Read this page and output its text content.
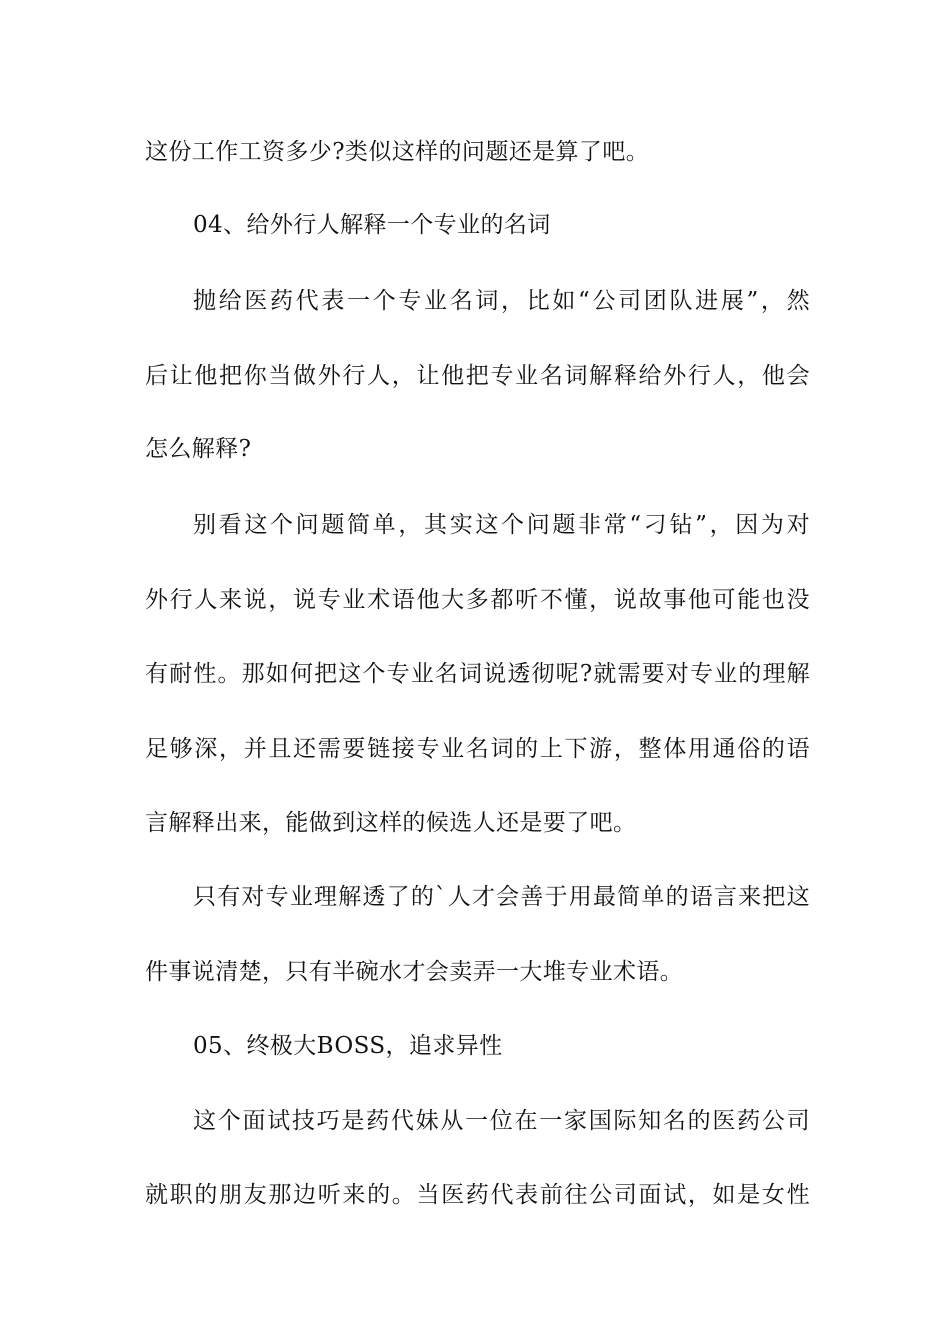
这份工作工资多少?类似这样的问题还是算了吧。
04、给外行人解释一个专业的名词
抛给医药代表一个专业名词，比如“公司团队进展”，然
后让他把你当做外行人，让他把专业名词解释给外行人，他会
怎么解释?
别看这个问题简单，其实这个问题非常“刁钻”，因为对
外行人来说，说专业术语他大多都听不懂，说故事他可能也没
有耐性。那如何把这个专业名词说透彻呢?就需要对专业的理解
足够深，并且还需要链接专业名词的上下游，整体用通俗的语
言解释出来，能做到这样的候选人还是要了吧。
只有对专业理解透了的`人才会善于用最简单的语言来把这
件事说清楚，只有半碗水才会卖弄一大堆专业术语。
05、终极大BOSS，追求异性
这个面试技巧是药代妹从一位在一家国际知名的医药公司
就职的朋友那边听来的。当医药代表前往公司面试，如是女性
